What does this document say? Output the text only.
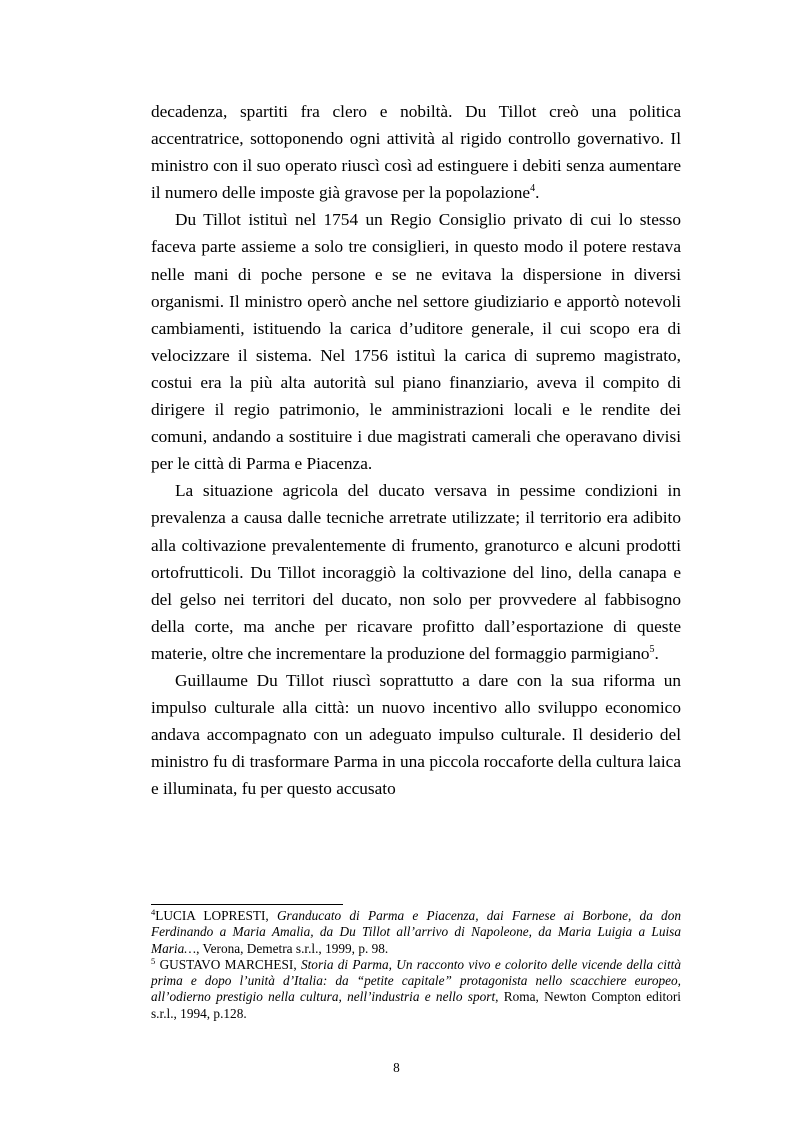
decadenza, spartiti fra clero e nobiltà. Du Tillot creò una politica accentratrice, sottoponendo ogni attività al rigido controllo governativo. Il ministro con il suo operato riuscì così ad estinguere i debiti senza aumentare il numero delle imposte già gravose per la popolazione$^4$.

Du Tillot istituì nel 1754 un Regio Consiglio privato di cui lo stesso faceva parte assieme a solo tre consiglieri, in questo modo il potere restava nelle mani di poche persone e se ne evitava la dispersione in diversi organismi. Il ministro operò anche nel settore giudiziario e apportò notevoli cambiamenti, istituendo la carica d’uditore generale, il cui scopo era di velocizzare il sistema. Nel 1756 istituì la carica di supremo magistrato, costui era la più alta autorità sul piano finanziario, aveva il compito di dirigere il regio patrimonio, le amministrazioni locali e le rendite dei comuni, andando a sostituire i due magistrati camerali che operavano divisi per le città di Parma e Piacenza.

La situazione agricola del ducato versava in pessime condizioni in prevalenza a causa dalle tecniche arretrate utilizzate; il territorio era adibito alla coltivazione prevalentemente di frumento, granoturco e alcuni prodotti ortofrutticoli. Du Tillot incoraggiò la coltivazione del lino, della canapa e del gelso nei territori del ducato, non solo per provvedere al fabbisogno della corte, ma anche per ricavare profitto dall’esportazione di queste materie, oltre che incrementare la produzione del formaggio parmigiano$^5$.

Guillaume Du Tillot riuscì soprattutto a dare con la sua riforma un impulso culturale alla città: un nuovo incentivo allo sviluppo economico andava accompagnato con un adeguato impulso culturale. Il desiderio del ministro fu di trasformare Parma in una piccola roccaforte della cultura laica e illuminata, fu per questo accusato

$^4$LUCIA LOPRESTI, Granducato di Parma e Piacenza, dai Farnese ai Borbone, da don Ferdinando a Maria Amalia, da Du Tillot all’arrivo di Napoleone, da Maria Luigia a Luisa Maria…, Verona, Demetra s.r.l., 1999, p. 98.

$^5$ GUSTAVO MARCHESI, Storia di Parma, Un racconto vivo e colorito delle vicende della città prima e dopo l’unità d’Italia: da “petite capitale” protagonista nello scacchiere europeo, all’odierno prestigio nella cultura, nell’industria e nello sport, Roma, Newton Compton editori s.r.l., 1994, p.128.

8
